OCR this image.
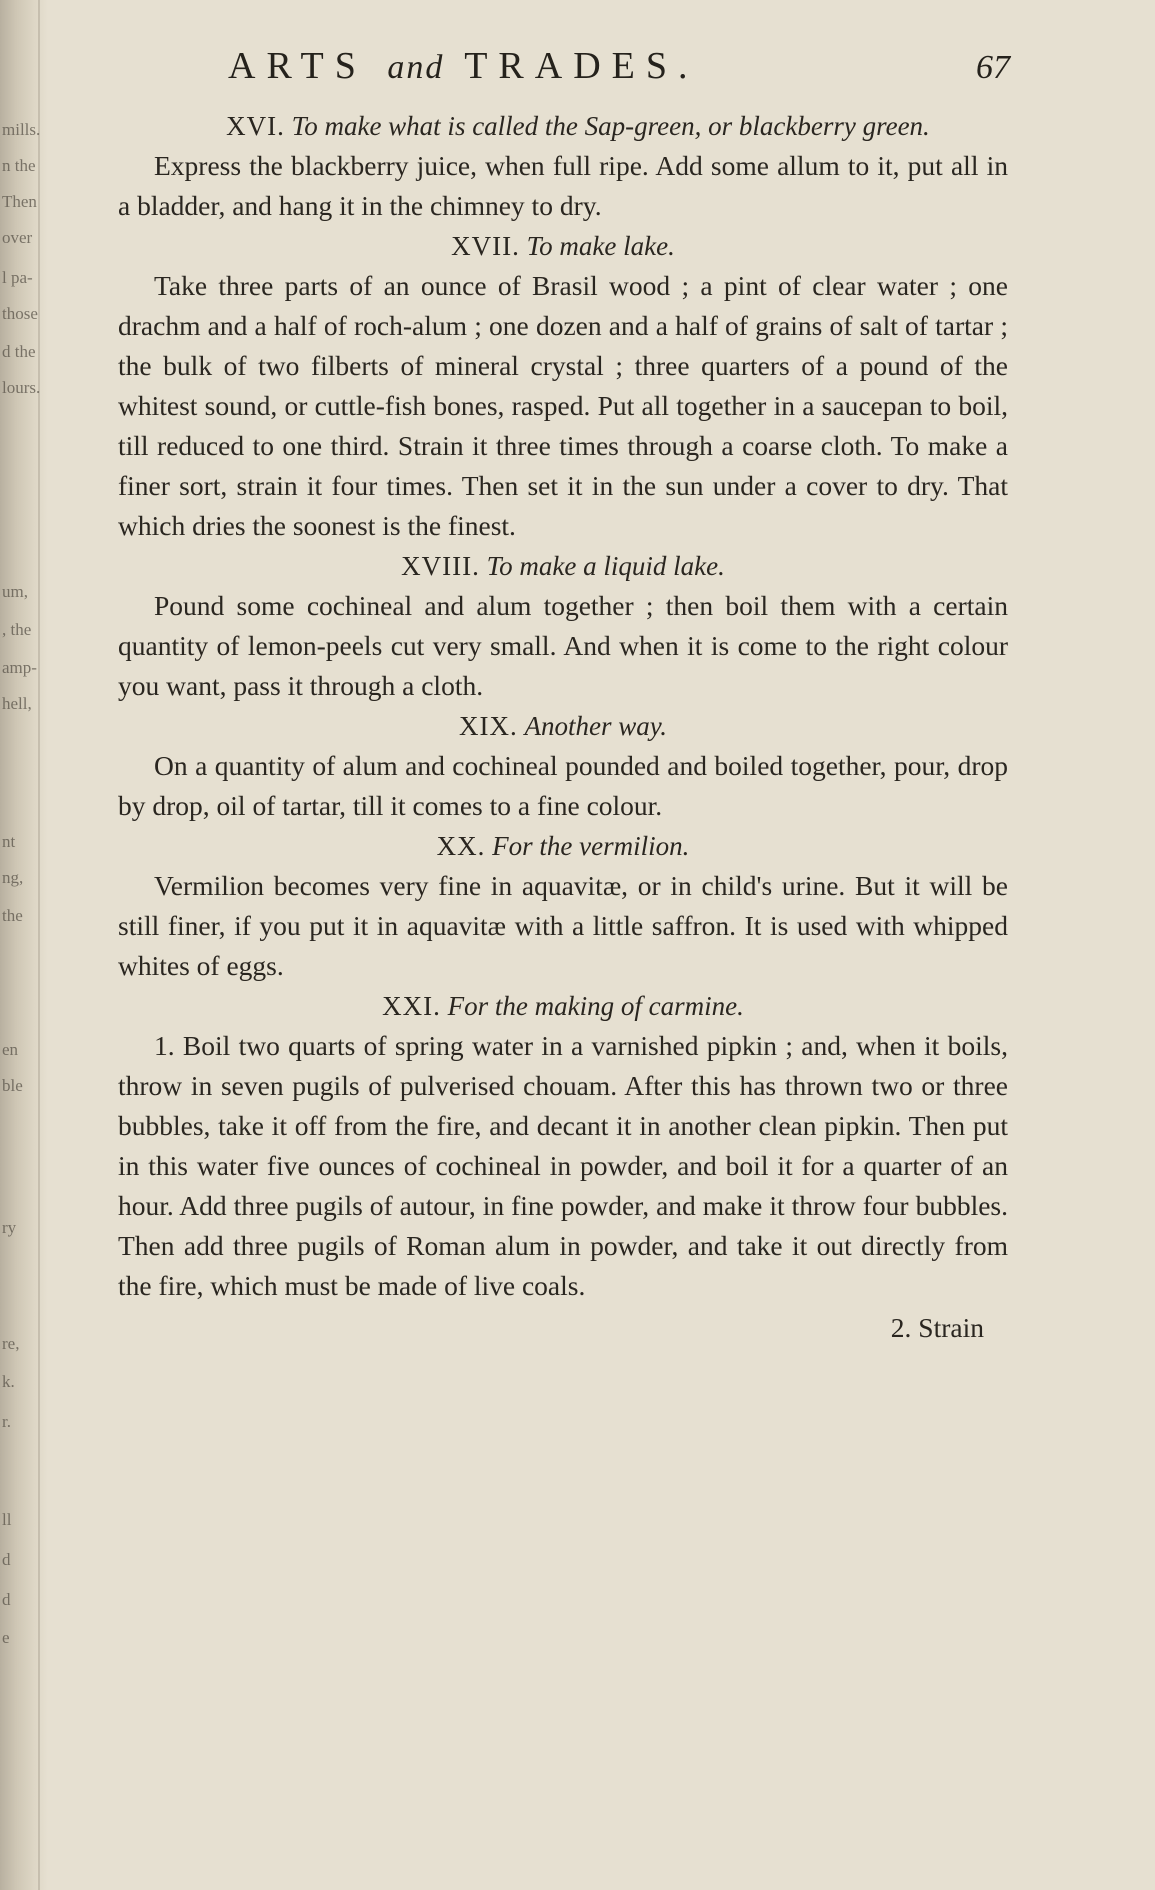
mills.
n the
Then
over
l pa-
those
d the
lours.
um,
, the
amp-
hell,
nt
ng,
the
en
ble
ry
re,
k.
r.
ll
d
d
e
ARTS and TRADES.	67
XVI. To make what is called the Sap-green, or blackberry green.

Express the blackberry juice, when full ripe. Add some allum to it, put all in a bladder, and hang it in the chimney to dry.

XVII. To make lake.

Take three parts of an ounce of Brasil wood ; a pint of clear water ; one drachm and a half of roch-alum ; one dozen and a half of grains of salt of tartar ; the bulk of two filberts of mineral crystal ; three quarters of a pound of the whitest sound, or cuttle-fish bones, rasped. Put all together in a saucepan to boil, till reduced to one third. Strain it three times through a coarse cloth. To make a finer sort, strain it four times. Then set it in the sun under a cover to dry. That which dries the soonest is the finest.

XVIII. To make a liquid lake.

Pound some cochineal and alum together ; then boil them with a certain quantity of lemon-peels cut very small. And when it is come to the right colour you want, pass it through a cloth.

XIX. Another way.

On a quantity of alum and cochineal pounded and boiled together, pour, drop by drop, oil of tartar, till it comes to a fine colour.

XX. For the vermilion.

Vermilion becomes very fine in aquavitæ, or in child's urine. But it will be still finer, if you put it in aquavitæ with a little saffron. It is used with whipped whites of eggs.

XXI. For the making of carmine.

1. Boil two quarts of spring water in a varnished pipkin ; and, when it boils, throw in seven pugils of pulverised chouam. After this has thrown two or three bubbles, take it off from the fire, and decant it in another clean pipkin. Then put in this water five ounces of cochineal in powder, and boil it for a quarter of an hour. Add three pugils of autour, in fine powder, and make it throw four bubbles. Then add three pugils of Roman alum in powder, and take it out directly from the fire, which must be made of live coals.

2. Strain
